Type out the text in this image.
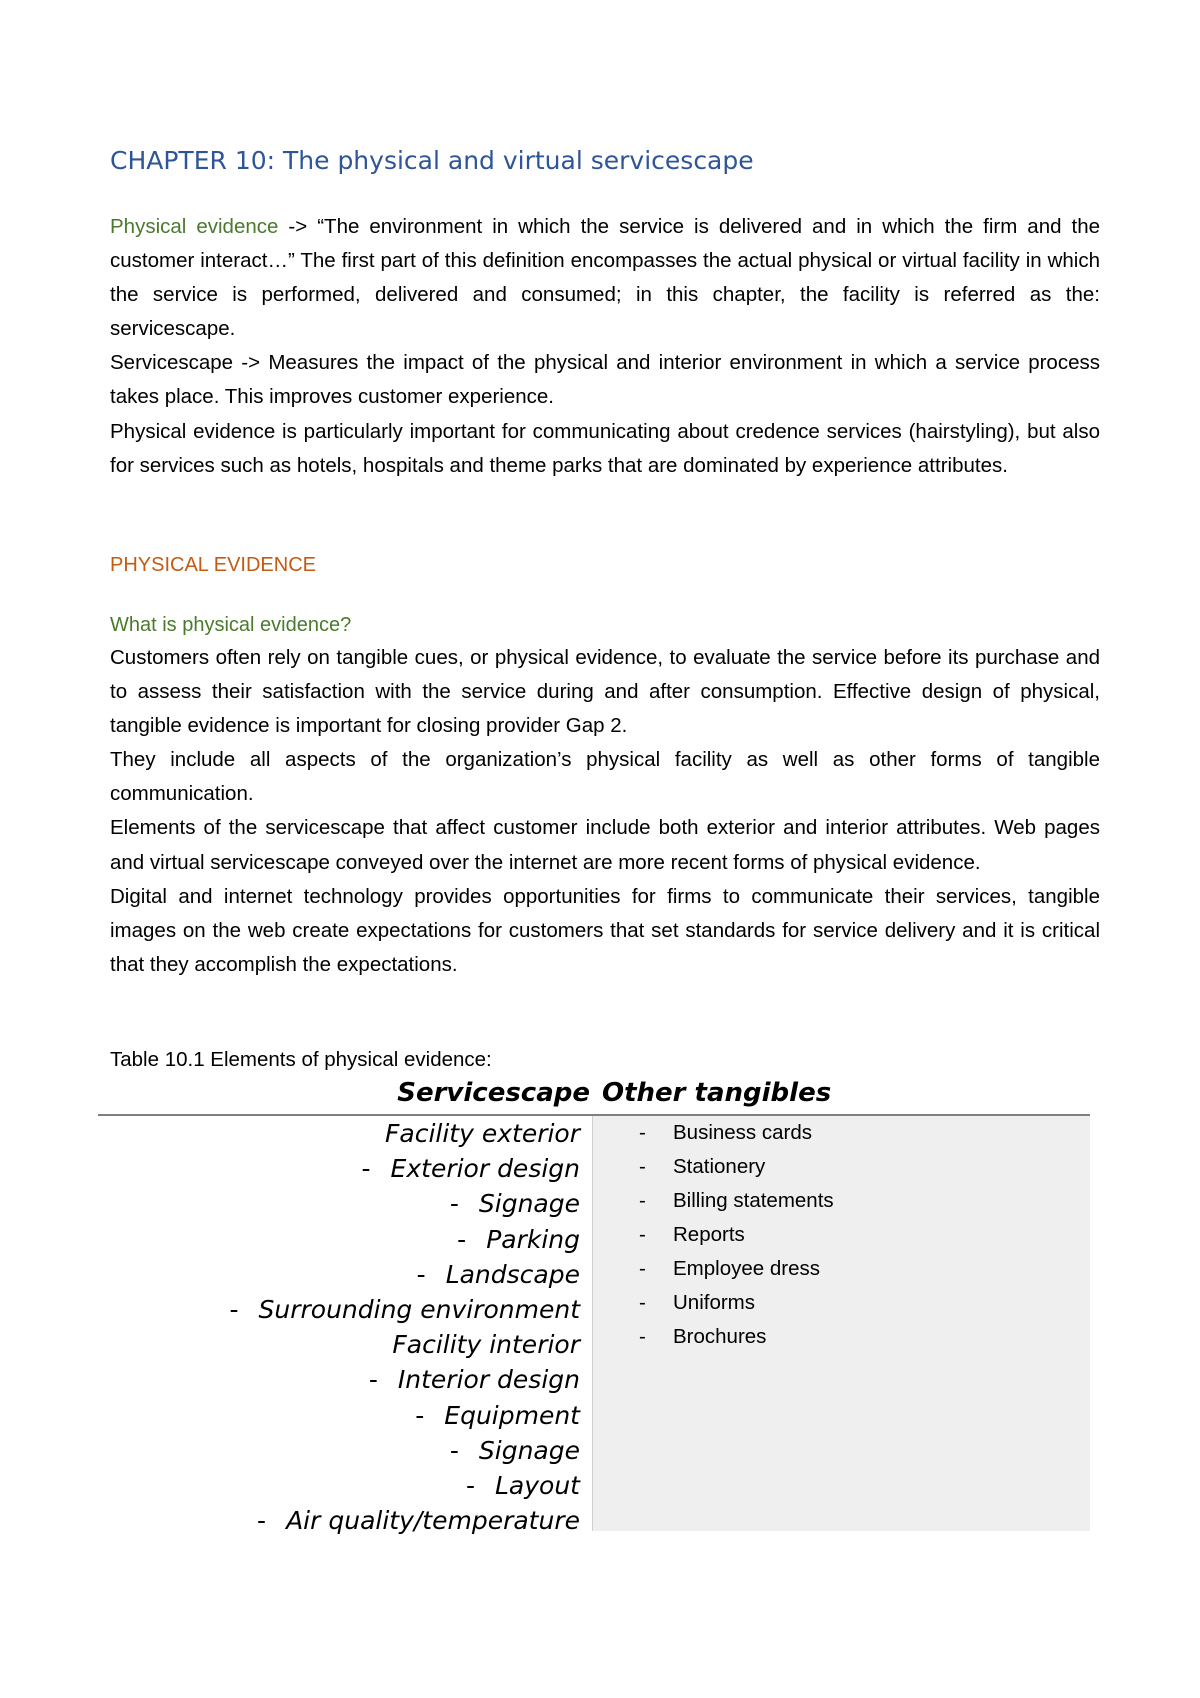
CHAPTER 10: The physical and virtual servicescape

Physical evidence -> “The environment in which the service is delivered and in which the firm and the customer interact…” The first part of this definition encompasses the actual physical or virtual facility in which the service is performed, delivered and consumed; in this chapter, the facility is referred as the: servicescape.

Servicescape -> Measures the impact of the physical and interior environment in which a service process takes place. This improves customer experience.

Physical evidence is particularly important for communicating about credence services (hairstyling), but also for services such as hotels, hospitals and theme parks that are dominated by experience attributes.

PHYSICAL EVIDENCE
What is physical evidence?

Customers often rely on tangible cues, or physical evidence, to evaluate the service before its purchase and to assess their satisfaction with the service during and after consumption. Effective design of physical, tangible evidence is important for closing provider Gap 2.

They include all aspects of the organization’s physical facility as well as other forms of tangible communication.

Elements of the servicescape that affect customer include both exterior and interior attributes. Web pages and virtual servicescape conveyed over the internet are more recent forms of physical evidence.

Digital and internet technology provides opportunities for firms to communicate their services, tangible images on the web create expectations for customers that set standards for service delivery and it is critical that they accomplish the expectations.

Table 10.1 Elements of physical evidence:

Servicescape Other tangibles
Facility exterior
- Exterior design
- Signage
- Parking
- Landscape
- Surrounding environment
Facility interior
- Interior design
- Equipment
- Signage
- Layout
- Air quality/temperature
- Business cards
- Stationery
- Billing statements
- Reports
- Employee dress
- Uniforms
- Brochures
